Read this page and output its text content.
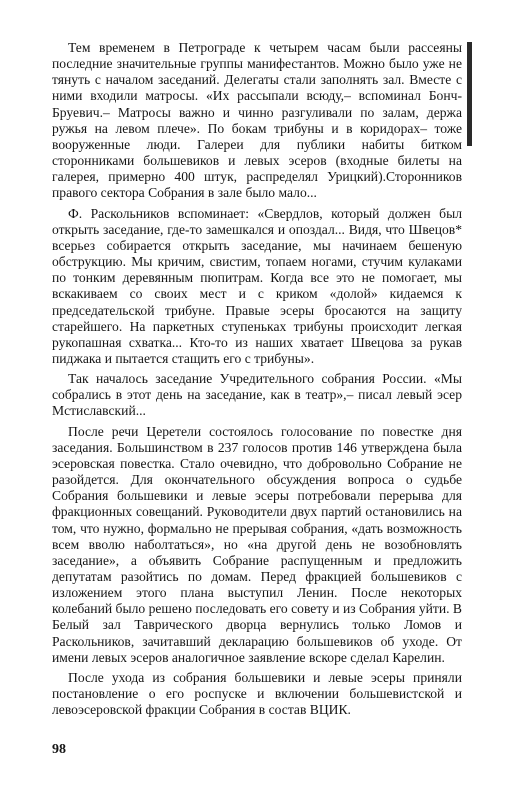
Тем временем в Петрограде к четырем часам были рассеяны последние значительные группы манифестантов. Можно было уже не тянуть с началом заседаний. Делегаты стали заполнять зал. Вместе с ними входили матросы. «Их рассыпали всюду,– вспоминал Бонч-Бруевич.– Матросы важно и чинно разгуливали по залам, держа ружья на левом плече». По бокам трибуны и в коридорах– тоже вооруженные люди. Галереи для публики набиты битком сторонниками большевиков и левых эсеров (входные билеты на галерея, примерно 400 штук, распределял Урицкий).Сторонников правого сектора Собрания в зале было мало...

Ф. Раскольников вспоминает: «Свердлов, который должен был открыть заседание, где-то замешкался и опоздал... Видя, что Швецов* всерьез собирается открыть заседание, мы начинаем бешеную обструкцию. Мы кричим, свистим, топаем ногами, стучим кулаками по тонким деревянным пюпитрам. Когда все это не помогает, мы вскакиваем со своих мест и с криком «долой» кидаемся к председательской трибуне. Правые эсеры бросаются на защиту старейшего. На паркетных ступеньках трибуны происходит легкая рукопашная схватка... Кто-то из наших хватает Швецова за рукав пиджака и пытается стащить его с трибуны».

Так началось заседание Учредительного собрания России. «Мы собрались в этот день на заседание, как в театр»,– писал левый эсер Мстиславский...

После речи Церетели состоялось голосование по повестке дня заседания. Большинством в 237 голосов против 146 утверждена была эсеровская повестка. Стало очевидно, что добровольно Собрание не разойдется. Для окончательного обсуждения вопроса о судьбе Собрания большевики и левые эсеры потребовали перерыва для фракционных совещаний. Руководители двух партий остановились на том, что нужно, формально не прерывая собрания, «дать возможность всем вволю наболтаться», но «на другой день не возобновлять заседание», а объявить Собрание распущенным и предложить депутатам разойтись по домам. Перед фракцией большевиков с изложением этого плана выступил Ленин. После некоторых колебаний было решено последовать его совету и из Собрания уйти. В Белый зал Таврического дворца вернулись только Ломов и Раскольников, зачитавший декларацию большевиков об уходе. От имени левых эсеров аналогичное заявление вскоре сделал Карелин.

После ухода из собрания большевики и левые эсеры приняли постановление о его роспуске и включении большевистской и левоэсеровской фракции Собрания в состав ВЦИК.

98
